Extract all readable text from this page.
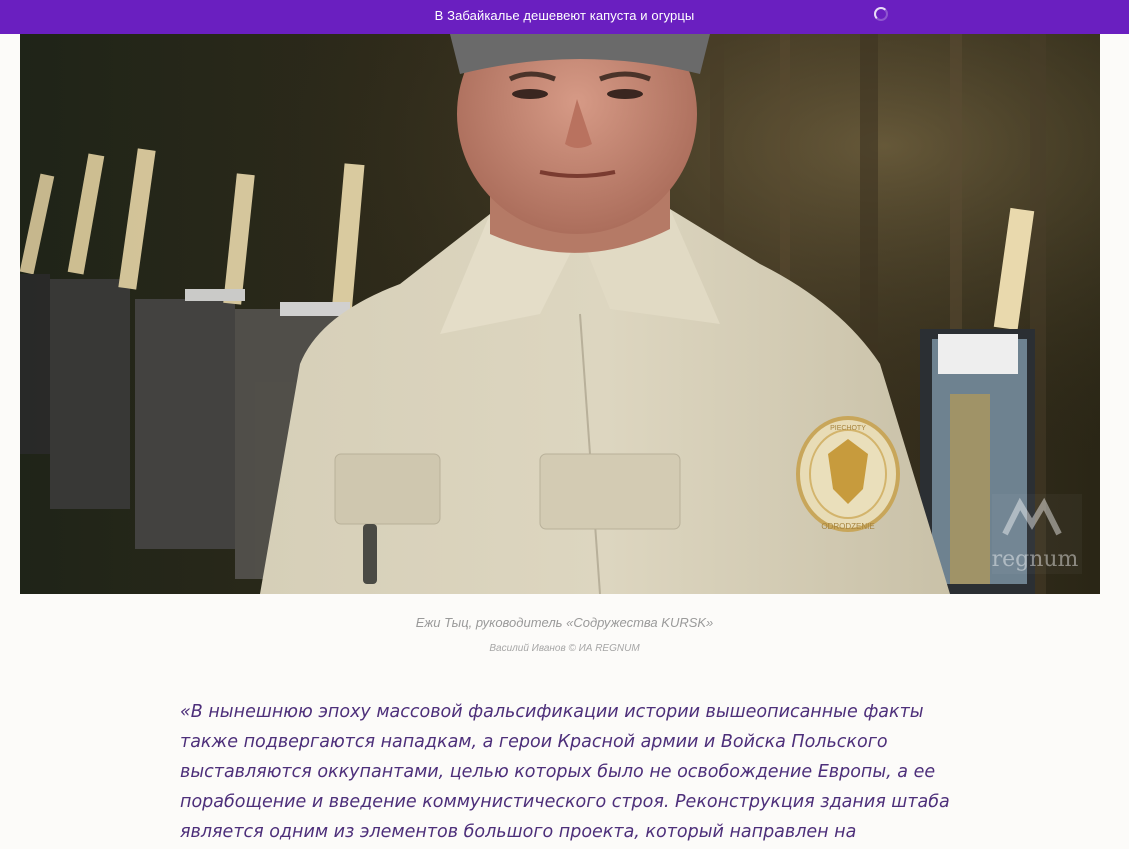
В Забайкалье дешевеют капуста и огурцы
ODRODZENIE
PIECHOTY
regnum
Ежи Тыц, руководитель «Содружества KURSK»
Василий Иванов © ИА REGNUM

«В нынешнюю эпоху массовой фальсификации истории вышеописанные факты также подвергаются нападкам, а герои Красной армии и Войска Польского выставляются оккупантами, целью которых было не освобождение Европы, а ее порабощение и введение коммунистического строя. Реконструкция здания штаба является одним из элементов большого проекта, который направлен на
